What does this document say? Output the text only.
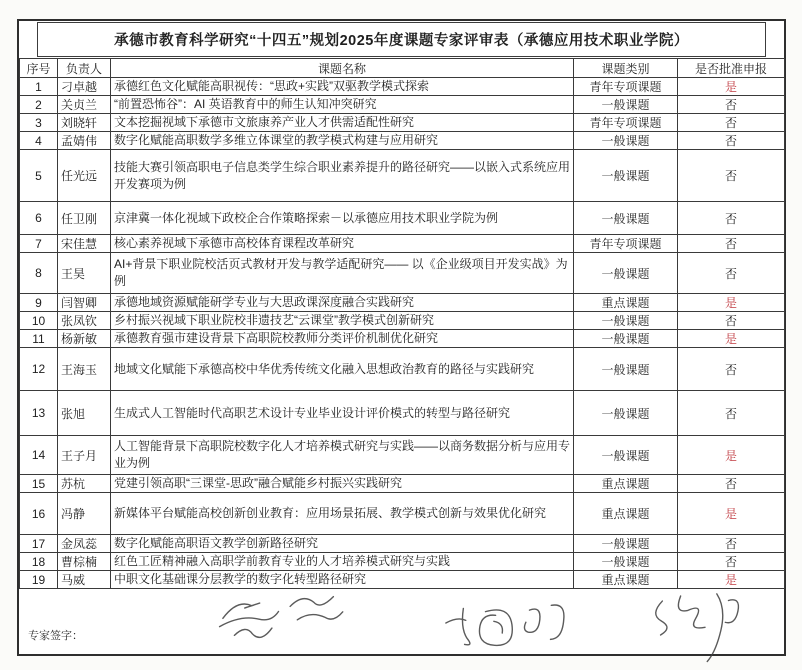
承德市教育科学研究“十四五”规划2025年度课题专家评审表（承德应用技术职业学院）
序号	负责人	课题名称	课题类别	是否批准申报
1	刁卓越	承德红色文化赋能高职视传：“思政+实践”双驱教学模式探索	青年专项课题	是
2	关贞兰	“前置恐怖谷”：AI 英语教育中的师生认知冲突研究	一般课题	否
3	刘晓轩	文本挖掘视域下承德市文旅康养产业人才供需适配性研究	青年专项课题	否
4	孟婧伟	数字化赋能高职数学多维立体课堂的教学模式构建与应用研究	一般课题	否
5	任光远	技能大赛引领高职电子信息类学生综合职业素养提升的路径研究——以嵌入式系统应用开发赛项为例	一般课题	否
6	任卫刚	京津冀一体化视域下政校企合作策略探索－以承德应用技术职业学院为例	一般课题	否
7	宋佳慧	核心素养视域下承德市高校体育课程改革研究	青年专项课题	否
8	王昊	AI+背景下职业院校活页式教材开发与教学适配研究—— 以《企业级项目开发实战》为例	一般课题	否
9	闫智卿	承德地域资源赋能研学专业与大思政课深度融合实践研究	重点课题	是
10	张凤钦	乡村振兴视域下职业院校非遗技艺“云课堂”教学模式创新研究	一般课题	否
11	杨新敏	承德教育强市建设背景下高职院校教师分类评价机制优化研究	一般课题	是
12	王海玉	地域文化赋能下承德高校中华优秀传统文化融入思想政治教育的路径与实践研究	一般课题	否
13	张旭	生成式人工智能时代高职艺术设计专业毕业设计评价模式的转型与路径研究	一般课题	否
14	王子月	人工智能背景下高职院校数字化人才培养模式研究与实践——以商务数据分析与应用专业为例	一般课题	是
15	苏杭	党建引领高职“三课堂-思政”融合赋能乡村振兴实践研究	重点课题	否
16	冯静	新媒体平台赋能高校创新创业教育：应用场景拓展、教学模式创新与效果优化研究	重点课题	是
17	金凤蕊	数字化赋能高职语文教学创新路径研究	一般课题	否
18	曹棕楠	红色工匠精神融入高职学前教育专业的人才培养模式研究与实践	一般课题	否
19	马威	中职文化基础课分层教学的数字化转型路径研究	重点课题	是
专家签字：
